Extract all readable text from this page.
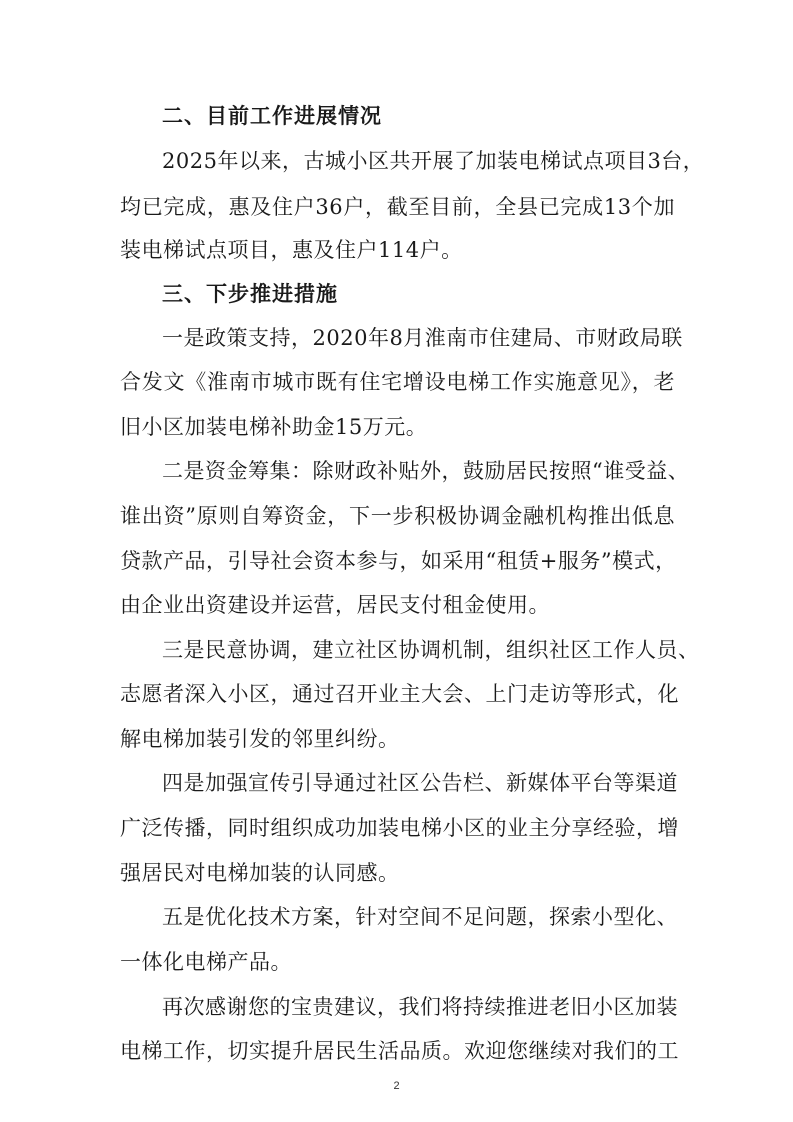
二、目前工作进展情况
2025年以来，古城小区共开展了加装电梯试点项目3台，
均已完成，惠及住户36户，截至目前，全县已完成13个加
装电梯试点项目，惠及住户114户。
三、下步推进措施
一是政策支持，2020年8月淮南市住建局、市财政局联
合发文《淮南市城市既有住宅增设电梯工作实施意见》，老
旧小区加装电梯补助金15万元。
二是资金筹集：除财政补贴外，鼓励居民按照“谁受益、
谁出资”原则自筹资金，下一步积极协调金融机构推出低息
贷款产品，引导社会资本参与，如采用“租赁+服务”模式，
由企业出资建设并运营，居民支付租金使用。
三是民意协调，建立社区协调机制，组织社区工作人员、
志愿者深入小区，通过召开业主大会、上门走访等形式，化
解电梯加装引发的邻里纠纷。
四是加强宣传引导通过社区公告栏、新媒体平台等渠道
广泛传播，同时组织成功加装电梯小区的业主分享经验，增
强居民对电梯加装的认同感。
五是优化技术方案，针对空间不足问题，探索小型化、
一体化电梯产品。
再次感谢您的宝贵建议，我们将持续推进老旧小区加装
电梯工作，切实提升居民生活品质。欢迎您继续对我们的工
2
